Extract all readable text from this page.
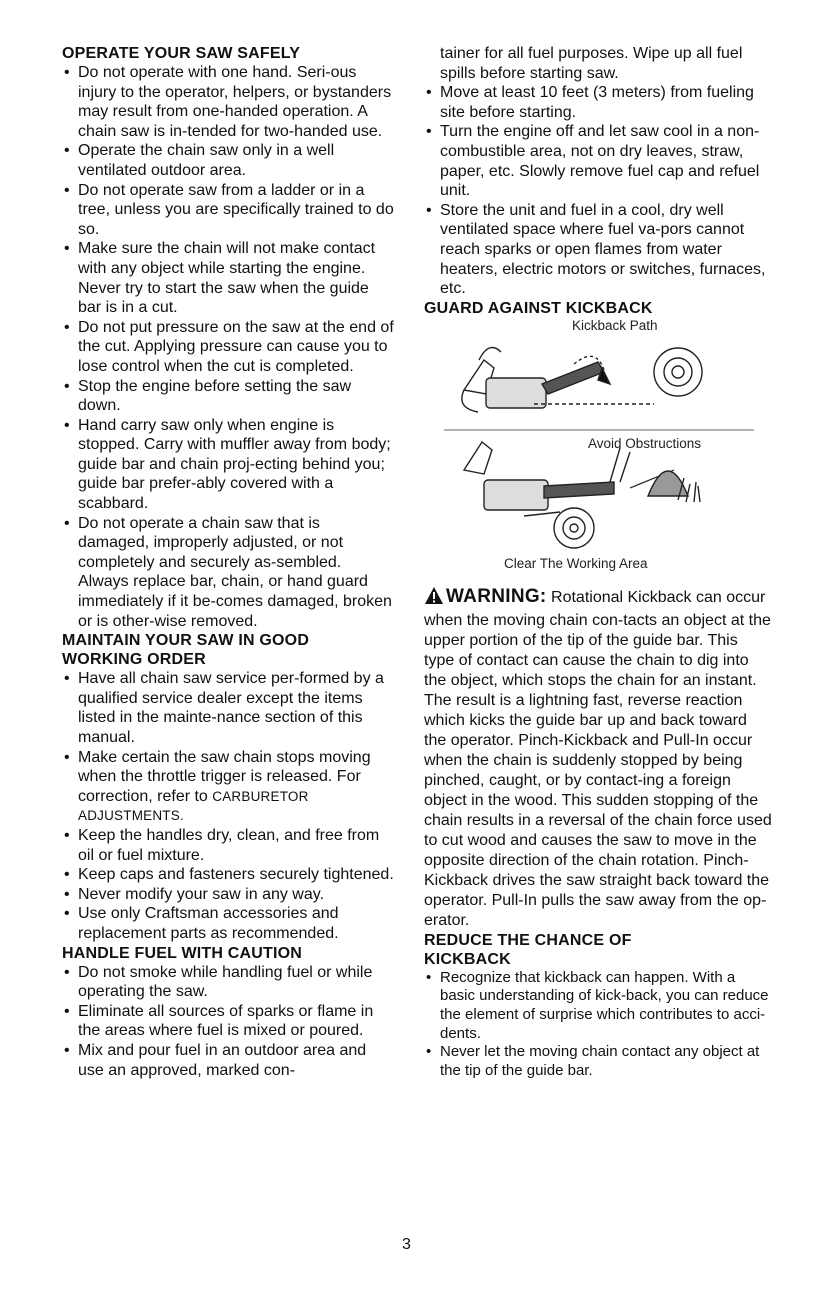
OPERATE YOUR SAW SAFELY

• Do not operate with one hand. Seri-ous injury to the operator, helpers, or bystanders may result from one-handed operation. A chain saw is in-tended for two-handed use.
• Operate the chain saw only in a well ventilated outdoor area.
• Do not operate saw from a ladder or in a tree, unless you are specifically trained to do so.
• Make sure the chain will not make contact with any object while starting the engine. Never try to start the saw when the guide bar is in a cut.
• Do not put pressure on the saw at the end of the cut. Applying pressure can cause you to lose control when the cut is completed.
• Stop the engine before setting the saw down.
• Hand carry saw only when engine is stopped. Carry with muffler away from body; guide bar and chain proj-ecting behind you; guide bar prefer-ably covered with a scabbard.
• Do not operate a chain saw that is damaged, improperly adjusted, or not completely and securely as-sembled. Always replace bar, chain, or hand guard immediately if it be-comes damaged, broken or is other-wise removed.

MAINTAIN YOUR SAW IN GOOD

WORKING ORDER

• Have all chain saw service per-formed by a qualified service dealer except the items listed in the mainte-nance section of this manual.
• Make certain the saw chain stops moving when the throttle trigger is released. For correction, refer to CARBURETOR ADJUSTMENTS.
• Keep the handles dry, clean, and free from oil or fuel mixture.
• Keep caps and fasteners securely tightened.
• Never modify your saw in any way.
• Use only Craftsman accessories and replacement parts as recommended.

HANDLE FUEL WITH CAUTION

• Do not smoke while handling fuel or while operating the saw.
• Eliminate all sources of sparks or flame in the areas where fuel is mixed or poured.
• Mix and pour fuel in an outdoor area and use an approved, marked con-

tainer for all fuel purposes. Wipe up all fuel spills before starting saw.

• Move at least 10 feet (3 meters) from fueling site before starting.
• Turn the engine off and let saw cool in a non-combustible area, not on dry leaves, straw, paper, etc. Slowly remove fuel cap and refuel unit.
• Store the unit and fuel in a cool, dry well ventilated space where fuel va-pors cannot reach sparks or open flames from water heaters, electric motors or switches, furnaces, etc.

GUARD AGAINST KICKBACK

Kickback Path
Avoid Obstructions
Clear The Working Area

WARNING: Rotational Kickback can occur when the moving chain con-tacts an object at the upper portion of the tip of the guide bar. This type of contact can cause the chain to dig into the object, which stops the chain for an instant. The result is a lightning fast, reverse reaction which kicks the guide bar up and back toward the operator. Pinch-Kickback and Pull-In occur when the chain is suddenly stopped by being pinched, caught, or by contact-ing a foreign object in the wood. This sudden stopping of the chain results in a reversal of the chain force used to cut wood and causes the saw to move in the opposite direction of the chain rotation. Pinch-Kickback drives the saw straight back toward the operator. Pull-In pulls the saw away from the op-erator.

REDUCE THE CHANCE OF

KICKBACK

• Recognize that kickback can happen. With a basic understanding of kick-back, you can reduce the element of surprise which contributes to acci-dents.
• Never let the moving chain contact any object at the tip of the guide bar.
3
